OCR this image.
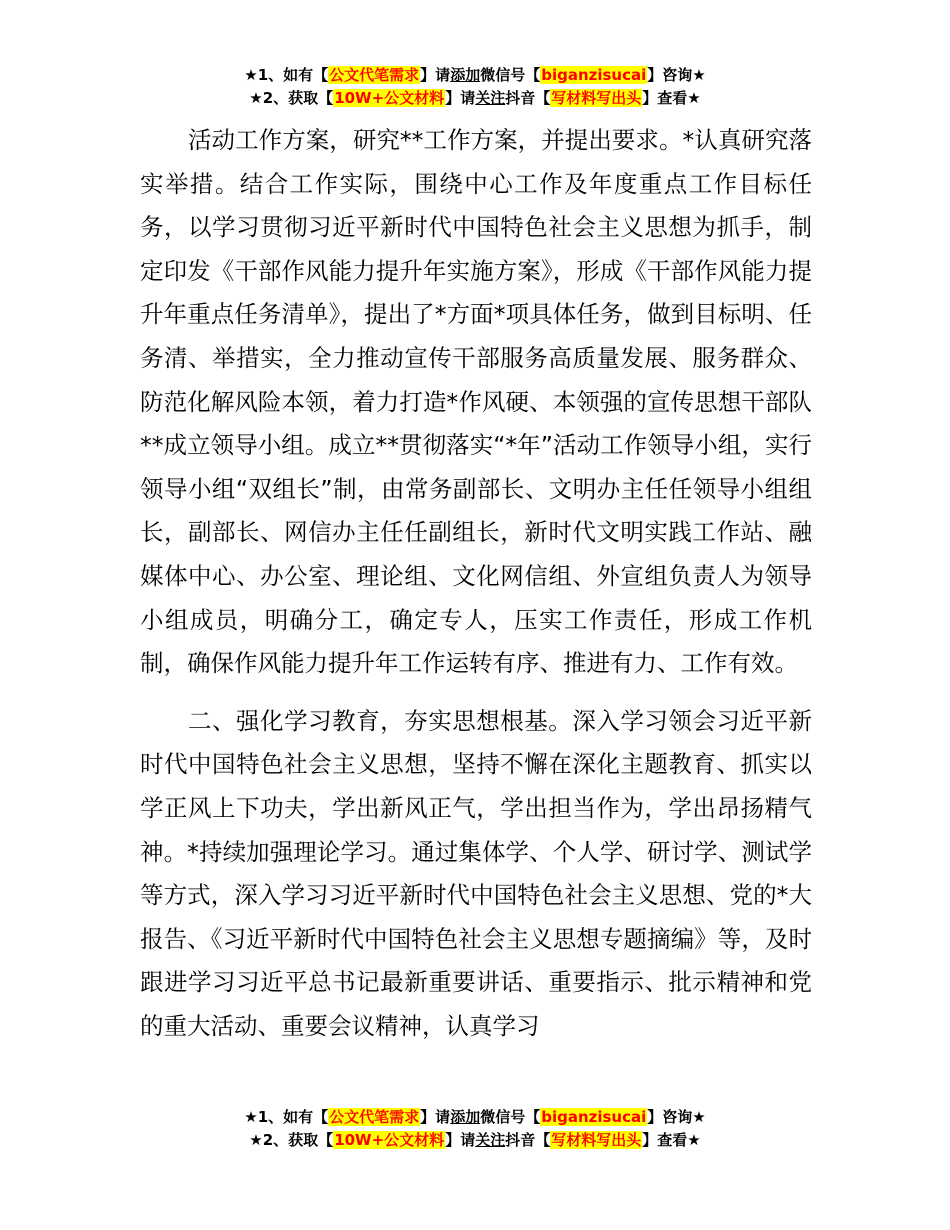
★1、如有【公文代笔需求】请添加微信号【biganzisucai】咨询★
★2、获取【10W+公文材料】请关注抖音【写材料写出头】查看★

活动工作方案，研究**工作方案，并提出要求。*认真研究落实举措。结合工作实际，围绕中心工作及年度重点工作目标任务，以学习贯彻习近平新时代中国特色社会主义思想为抓手，制定印发《干部作风能力提升年实施方案》，形成《干部作风能力提升年重点任务清单》，提出了*方面*项具体任务，做到目标明、任务清、举措实，全力推动宣传干部服务高质量发展、服务群众、防范化解风险本领，着力打造*作风硬、本领强的宣传思想干部队**成立领导小组。成立**贯彻落实“*年”活动工作领导小组，实行领导小组“双组长”制，由常务副部长、文明办主任任领导小组组长，副部长、网信办主任任副组长，新时代文明实践工作站、融媒体中心、办公室、理论组、文化网信组、外宣组负责人为领导小组成员，明确分工，确定专人，压实工作责任，形成工作机制，确保作风能力提升年工作运转有序、推进有力、工作有效。

二、强化学习教育，夯实思想根基。深入学习领会习近平新时代中国特色社会主义思想，坚持不懈在深化主题教育、抓实以学正风上下功夫，学出新风正气，学出担当作为，学出昂扬精气神。*持续加强理论学习。通过集体学、个人学、研讨学、测试学等方式，深入学习习近平新时代中国特色社会主义思想、党的*大报告、《习近平新时代中国特色社会主义思想专题摘编》等，及时跟进学习习近平总书记最新重要讲话、重要指示、批示精神和党的重大活动、重要会议精神，认真学习

★1、如有【公文代笔需求】请添加微信号【biganzisucai】咨询★
★2、获取【10W+公文材料】请关注抖音【写材料写出头】查看★
